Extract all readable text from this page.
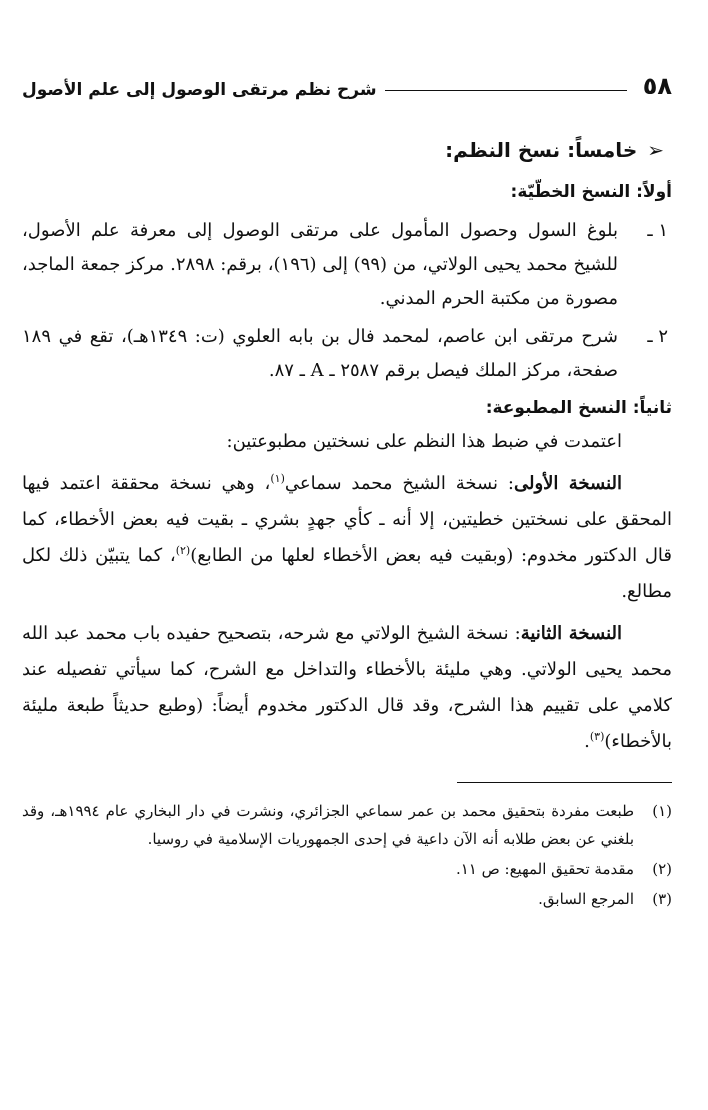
٥٨
شرح نظم مرتقى الوصول إلى علم الأصول
➢
خامساً: نسخ النظم:
أولاً: النسخ الخطّيّة:
١ ـ
بلوغ السول وحصول المأمول على مرتقى الوصول إلى معرفة علم الأصول، للشيخ محمد يحيى الولاتي، من (٩٩) إلى (١٩٦)، برقم: ٢٨٩٨. مركز جمعة الماجد، مصورة من مكتبة الحرم المدني.
٢ ـ
شرح مرتقى ابن عاصم، لمحمد فال بن بابه العلوي (ت: ١٣٤٩هـ)، تقع في ١٨٩ صفحة، مركز الملك فيصل برقم ٢٥٨٧ ـ A ـ ٨٧.
ثانياً: النسخ المطبوعة:
اعتمدت في ضبط هذا النظم على نسختين مطبوعتين:
النسخة الأولى: نسخة الشيخ محمد سماعي$^{(١)}$، وهي نسخة محققة اعتمد فيها المحقق على نسختين خطيتين، إلا أنه ـ كأي جهدٍ بشري ـ بقيت فيه بعض الأخطاء، كما قال الدكتور مخدوم: (وبقيت فيه بعض الأخطاء لعلها من الطابع)$^{(٢)}$، كما يتبيّن ذلك لكل مطالع.
النسخة الثانية: نسخة الشيخ الولاتي مع شرحه، بتصحيح حفيده باب محمد عبد الله محمد يحيى الولاتي. وهي مليئة بالأخطاء والتداخل مع الشرح، كما سيأتي تفصيله عند كلامي على تقييم هذا الشرح، وقد قال الدكتور مخدوم أيضاً: (وطبع حديثاً طبعة مليئة بالأخطاء)$^{(٣)}$.
(١)
طبعت مفردة بتحقيق محمد بن عمر سماعي الجزائري، ونشرت في دار البخاري عام ١٩٩٤هـ، وقد بلغني عن بعض طلابه أنه الآن داعية في إحدى الجمهوريات الإسلامية في روسيا.
(٢)
مقدمة تحقيق المهيع: ص ١١.
(٣)
المرجع السابق.
